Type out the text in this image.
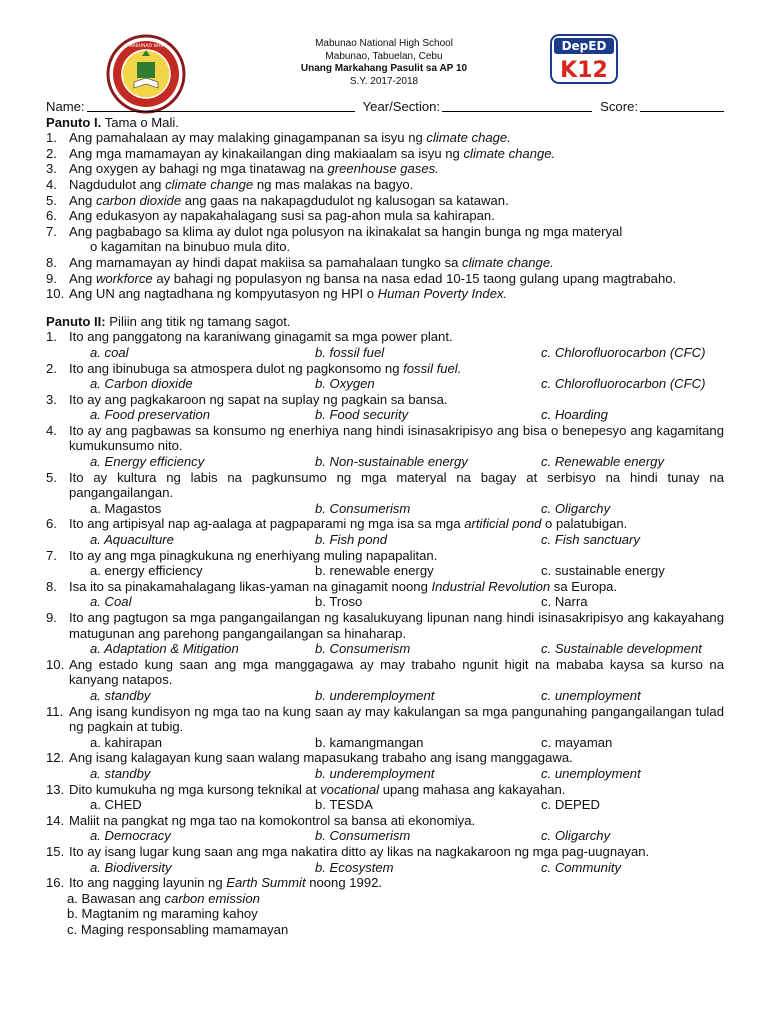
MABUNAO NHS	DepED
K12
Mabunao National High School
Mabunao, Tabuelan, Cebu
Unang Markahang Pasulit sa AP 10
S.Y. 2017-2018
Name:	Year/Section:	Score:
Panuto I. Tama o Mali.
1. Ang pamahalaan ay may malaking ginagampanan sa isyu ng climate chage.
2. Ang mga mamamayan ay kinakailangan ding makiaalam sa isyu ng climate change.
3. Ang oxygen ay bahagi ng mga tinatawag na greenhouse gases.
4. Nagdudulot ang climate change ng mas malakas na bagyo.
5. Ang carbon dioxide ang gaas na nakapagdudulot ng kalusogan sa katawan.
6. Ang edukasyon ay napakahalagang susi sa pag-ahon mula sa kahirapan.
7. Ang pagbabago sa klima ay dulot nga polusyon na ikinakalat sa hangin bunga ng mga materyal
o kagamitan na binubuo mula dito.
8. Ang mamamayan ay hindi dapat makiisa sa pamahalaan tungko sa climate change.
9. Ang workforce ay bahagi ng populasyon ng bansa na nasa edad 10-15 taong gulang upang magtrabaho.
10. Ang UN ang nagtadhana ng kompyutasyon ng HPI o Human Poverty Index.
Panuto II: Piliin ang titik ng tamang sagot.
1. Ito ang panggatong na karaniwang ginagamit sa mga power plant.
a. coal	b. fossil fuel	c. Chlorofluorocarbon (CFC)
2. Ito ang ibinubuga sa atmospera dulot ng pagkonsomo ng fossil fuel.
a. Carbon dioxide	b. Oxygen	c. Chlorofluorocarbon (CFC)
3. Ito ay ang pagkakaroon ng sapat na suplay ng pagkain sa bansa.
a. Food preservation	b. Food security	c. Hoarding
4. Ito ay ang pagbawas sa konsumo ng enerhiya nang hindi isinasakripisyo ang bisa o benepesyo ang kagamitang kumukunsumo nito.
a. Energy efficiency	b. Non-sustainable energy	c. Renewable energy
5. Ito ay kultura ng labis na pagkunsumo ng mga materyal na bagay at serbisyo na hindi tunay na pangangailangan.
a. Magastos	b. Consumerism	c. Oligarchy
6. Ito ang artipisyal nap ag-aalaga at pagpaparami ng mga isa sa mga artificial pond o palatubigan.
a. Aquaculture	b. Fish pond	c. Fish sanctuary
7. Ito ay ang mga pinagkukuna ng enerhiyang muling napapalitan.
a. energy efficiency	b. renewable energy	c. sustainable energy
8. Isa ito sa pinakamahalagang likas-yaman na ginagamit noong Industrial Revolution sa Europa.
a. Coal	b. Troso	c. Narra
9. Ito ang pagtugon sa mga pangangailangan ng kasalukuyang lipunan nang hindi isinasakripisyo ang kakayahang matugunan ang parehong pangangailangan sa hinaharap.
a. Adaptation & Mitigation	b. Consumerism	c. Sustainable development
10. Ang estado kung saan ang mga manggagawa ay may trabaho ngunit higit na mababa kaysa sa kurso na kanyang natapos.
a. standby	b. underemployment	c. unemployment
11. Ang isang kundisyon ng mga tao na kung saan ay may kakulangan sa mga pangunahing pangangailangan tulad ng pagkain at tubig.
a. kahirapan	b. kamangmangan	c. mayaman
12. Ang isang kalagayan kung saan walang mapasukang trabaho ang isang manggagawa.
a. standby	b. underemployment	c. unemployment
13. Dito kumukuha ng mga kursong teknikal at vocational upang mahasa ang kakayahan.
a. CHED	b. TESDA	c. DEPED
14. Maliit na pangkat ng mga tao na komokontrol sa bansa ati ekonomiya.
a. Democracy	b. Consumerism	c. Oligarchy
15. Ito ay isang lugar kung saan ang mga nakatira ditto ay likas na nagkakaroon ng mga pag-uugnayan.
a. Biodiversity	b. Ecosystem	c. Community
16. Ito ang nagging layunin ng Earth Summit noong 1992.
a. Bawasan ang carbon emission
b. Magtanim ng maraming kahoy
c. Maging responsabling mamamayan
